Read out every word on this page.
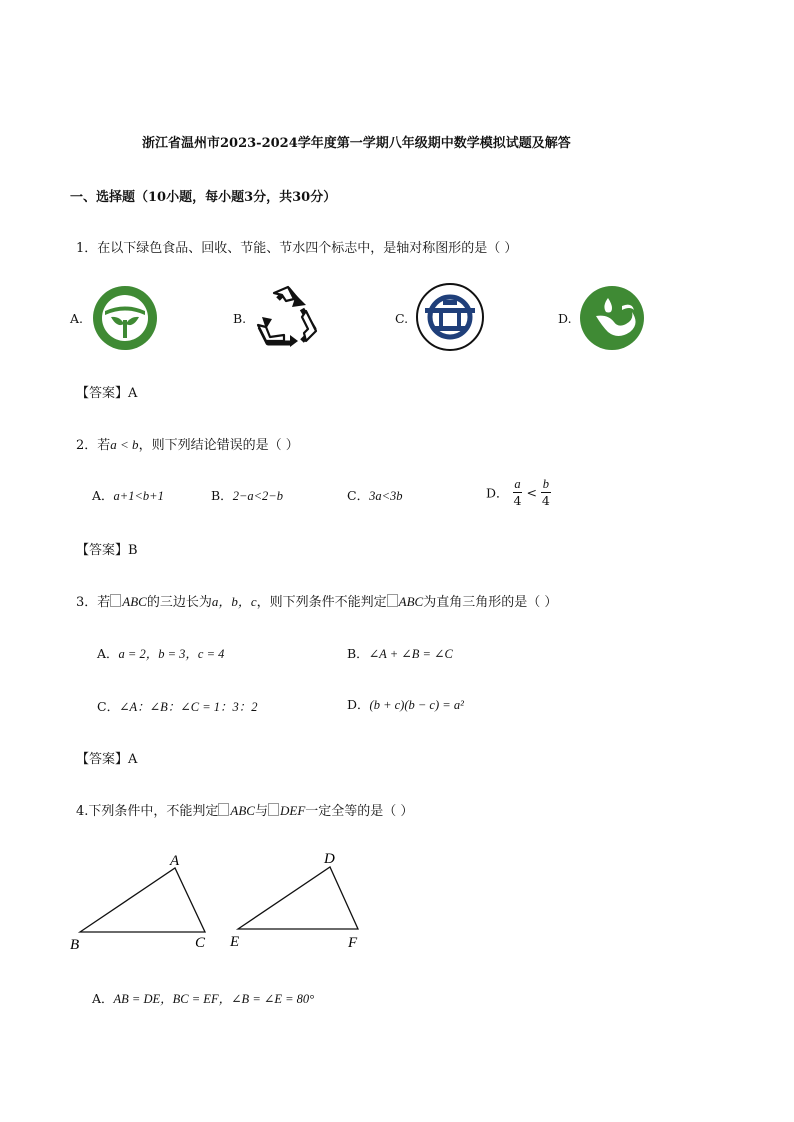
浙江省温州市2023-2024学年度第一学期八年级期中数学模拟试题及解答
一、选择题（10小题，每小题3分，共30分）
1．在以下绿色食品、回收、节能、节水四个标志中，是轴对称图形的是（ ）
A.	B.	C.	D.
【答案】A
2．若a < b，则下列结论错误的是（ ）
A．a+1<b+1	B．2−a<2−b	C．3a<3b	D． $\frac{a}{4} < \frac{b}{4}$
【答案】B
3．若 ABC的三边长为a，b，c，则下列条件不能判定 ABC为直角三角形的是（ ）
A．a = 2，b = 3，c = 4	B．∠A + ∠B = ∠C
C．∠A：∠B：∠C = 1：3：2	D．(b + c)(b − c) = a²
【答案】A
4.下列条件中，不能判定 ABC与 DEF一定全等的是（ ）
A
B	C
D
E	F
A．AB = DE，BC = EF，∠B = ∠E = 80°
